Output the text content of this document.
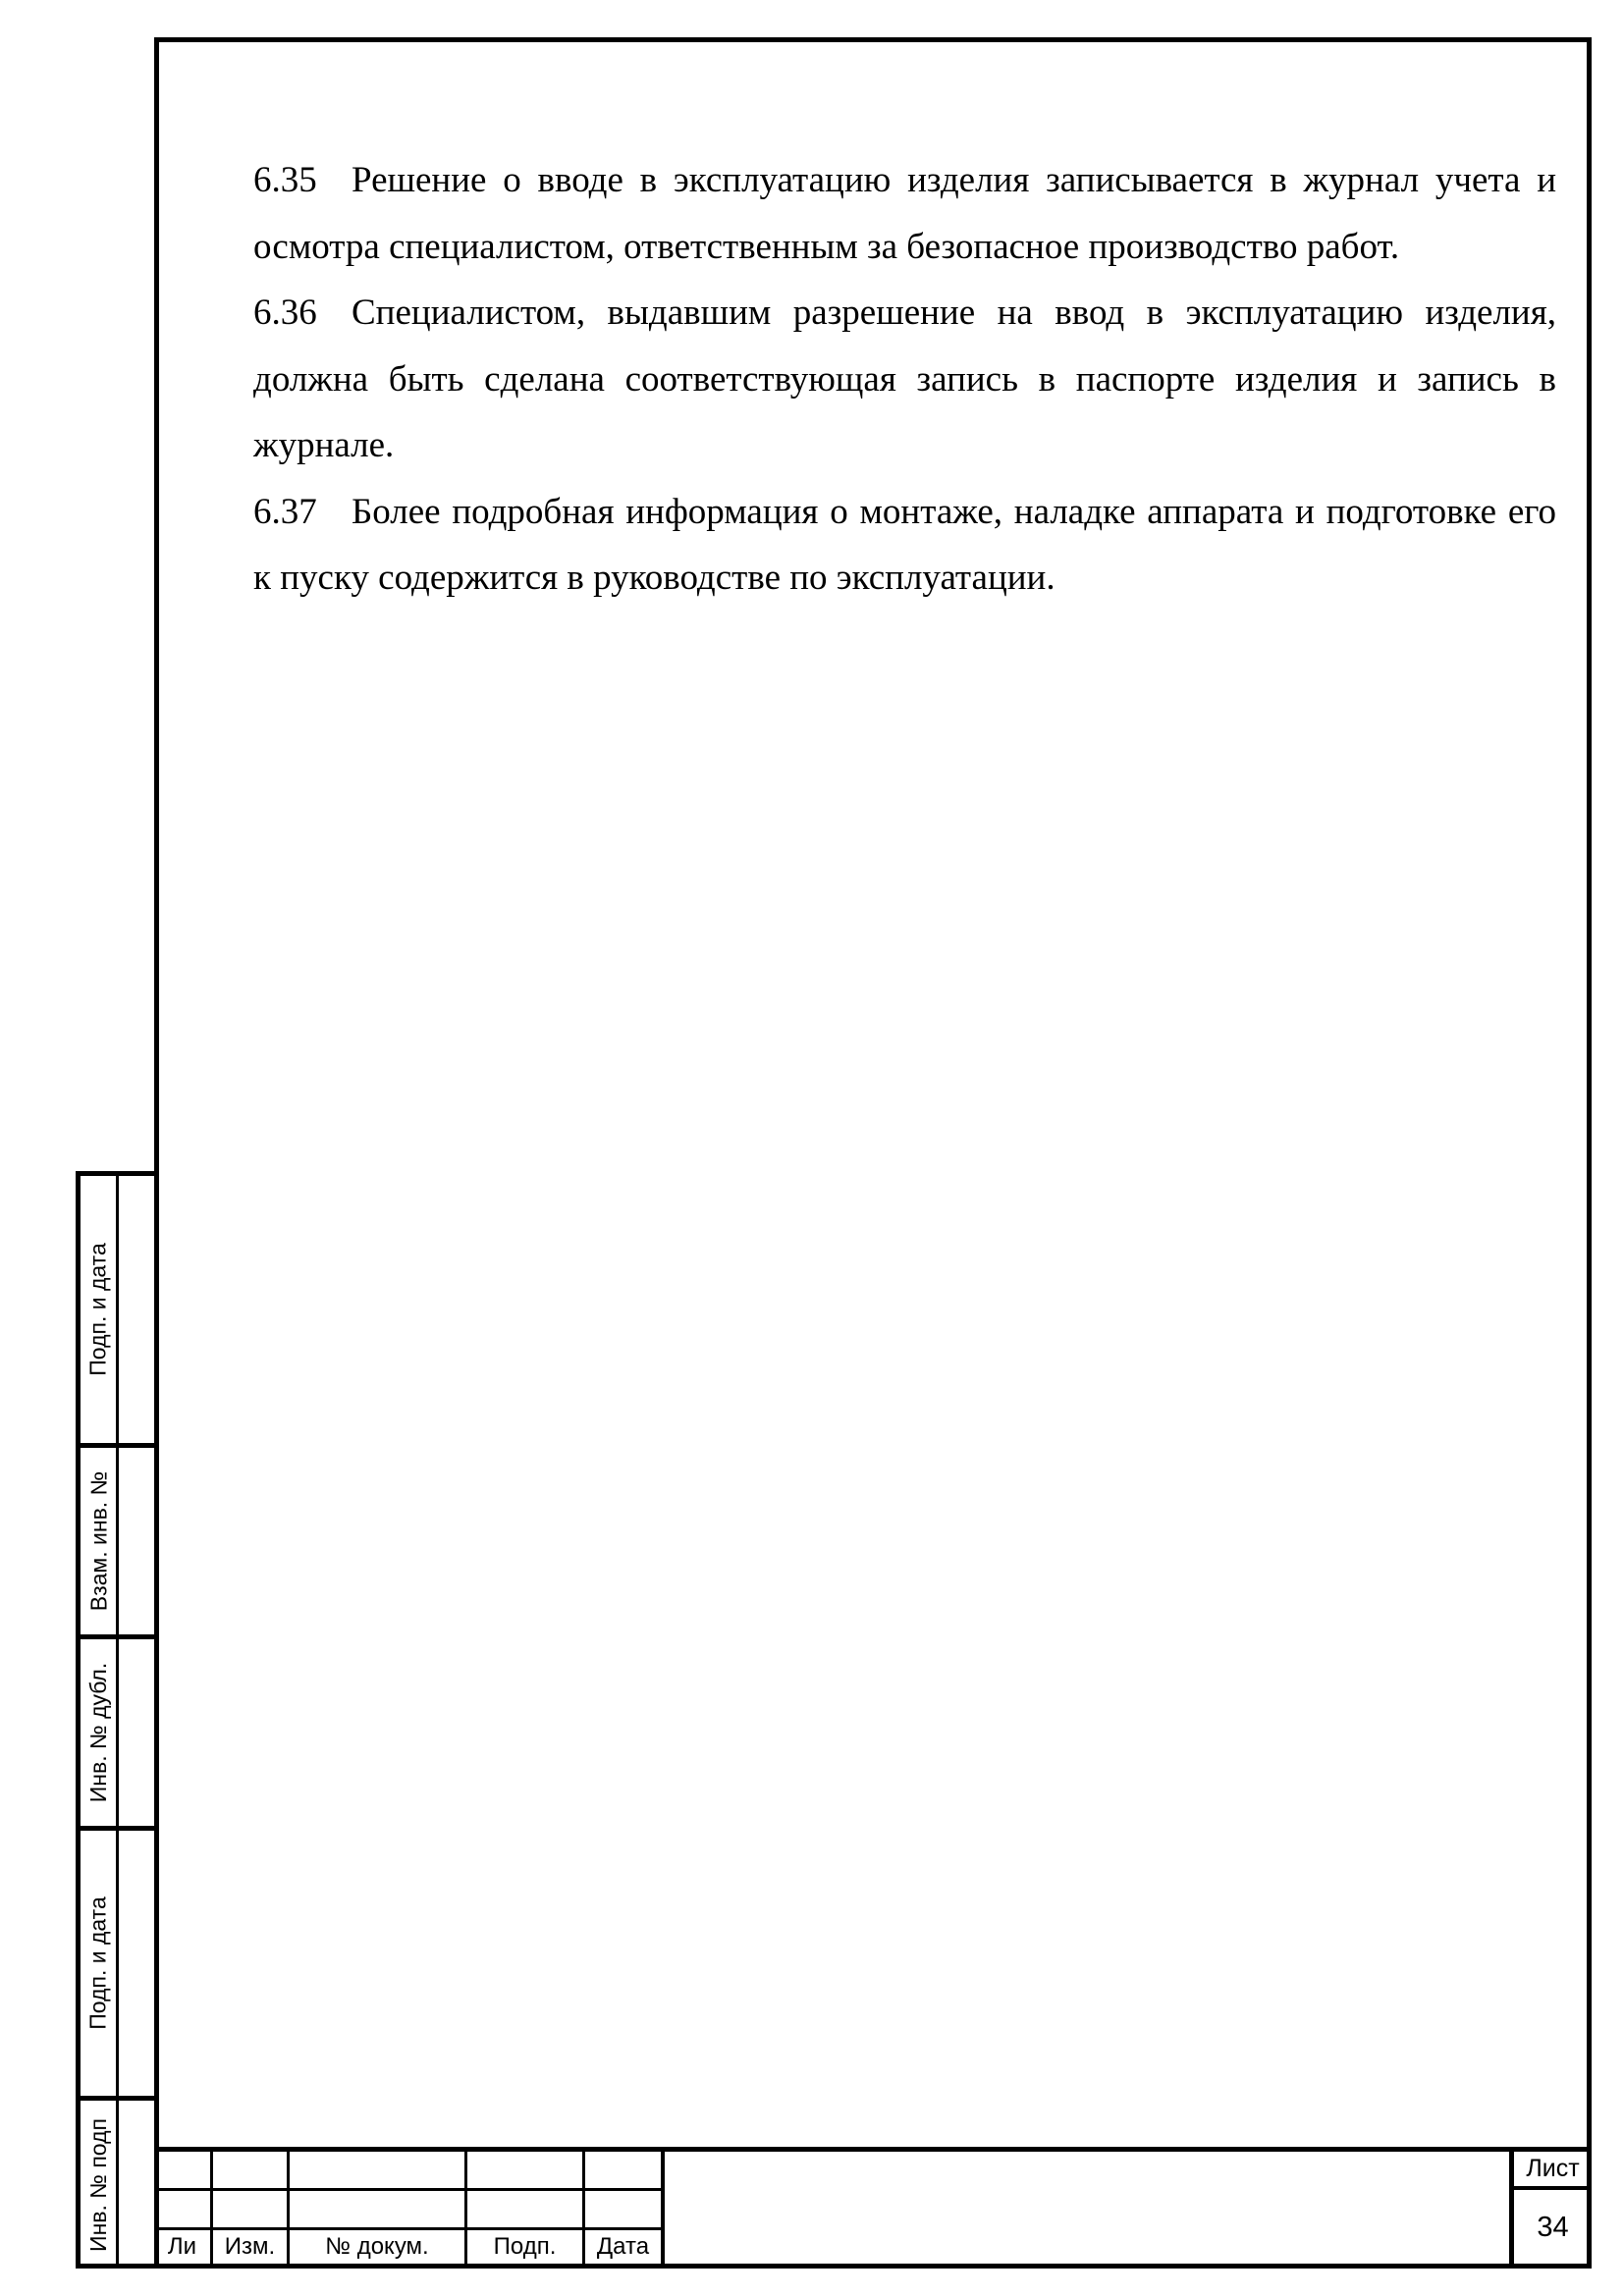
6.35 Решение о вводе в эксплуатацию изделия записывается в журнал учета и осмотра специалистом, ответственным за безопасное производство работ.

6.36 Специалистом, выдавшим разрешение на ввод в эксплуатацию изделия, должна быть сделана соответствующая запись в паспорте изделия и запись в журнале.

6.37 Более подробная информация о монтаже, наладке аппарата и подготовке его к пуску содержится в руководстве по эксплуатации.

Подп. и дата
Взам. инв. №
Инв. № дубл.
Подп. и дата
Инв. № подп	Ли	Изм.	№ докум.	Подп.	Дата
Лист
34
